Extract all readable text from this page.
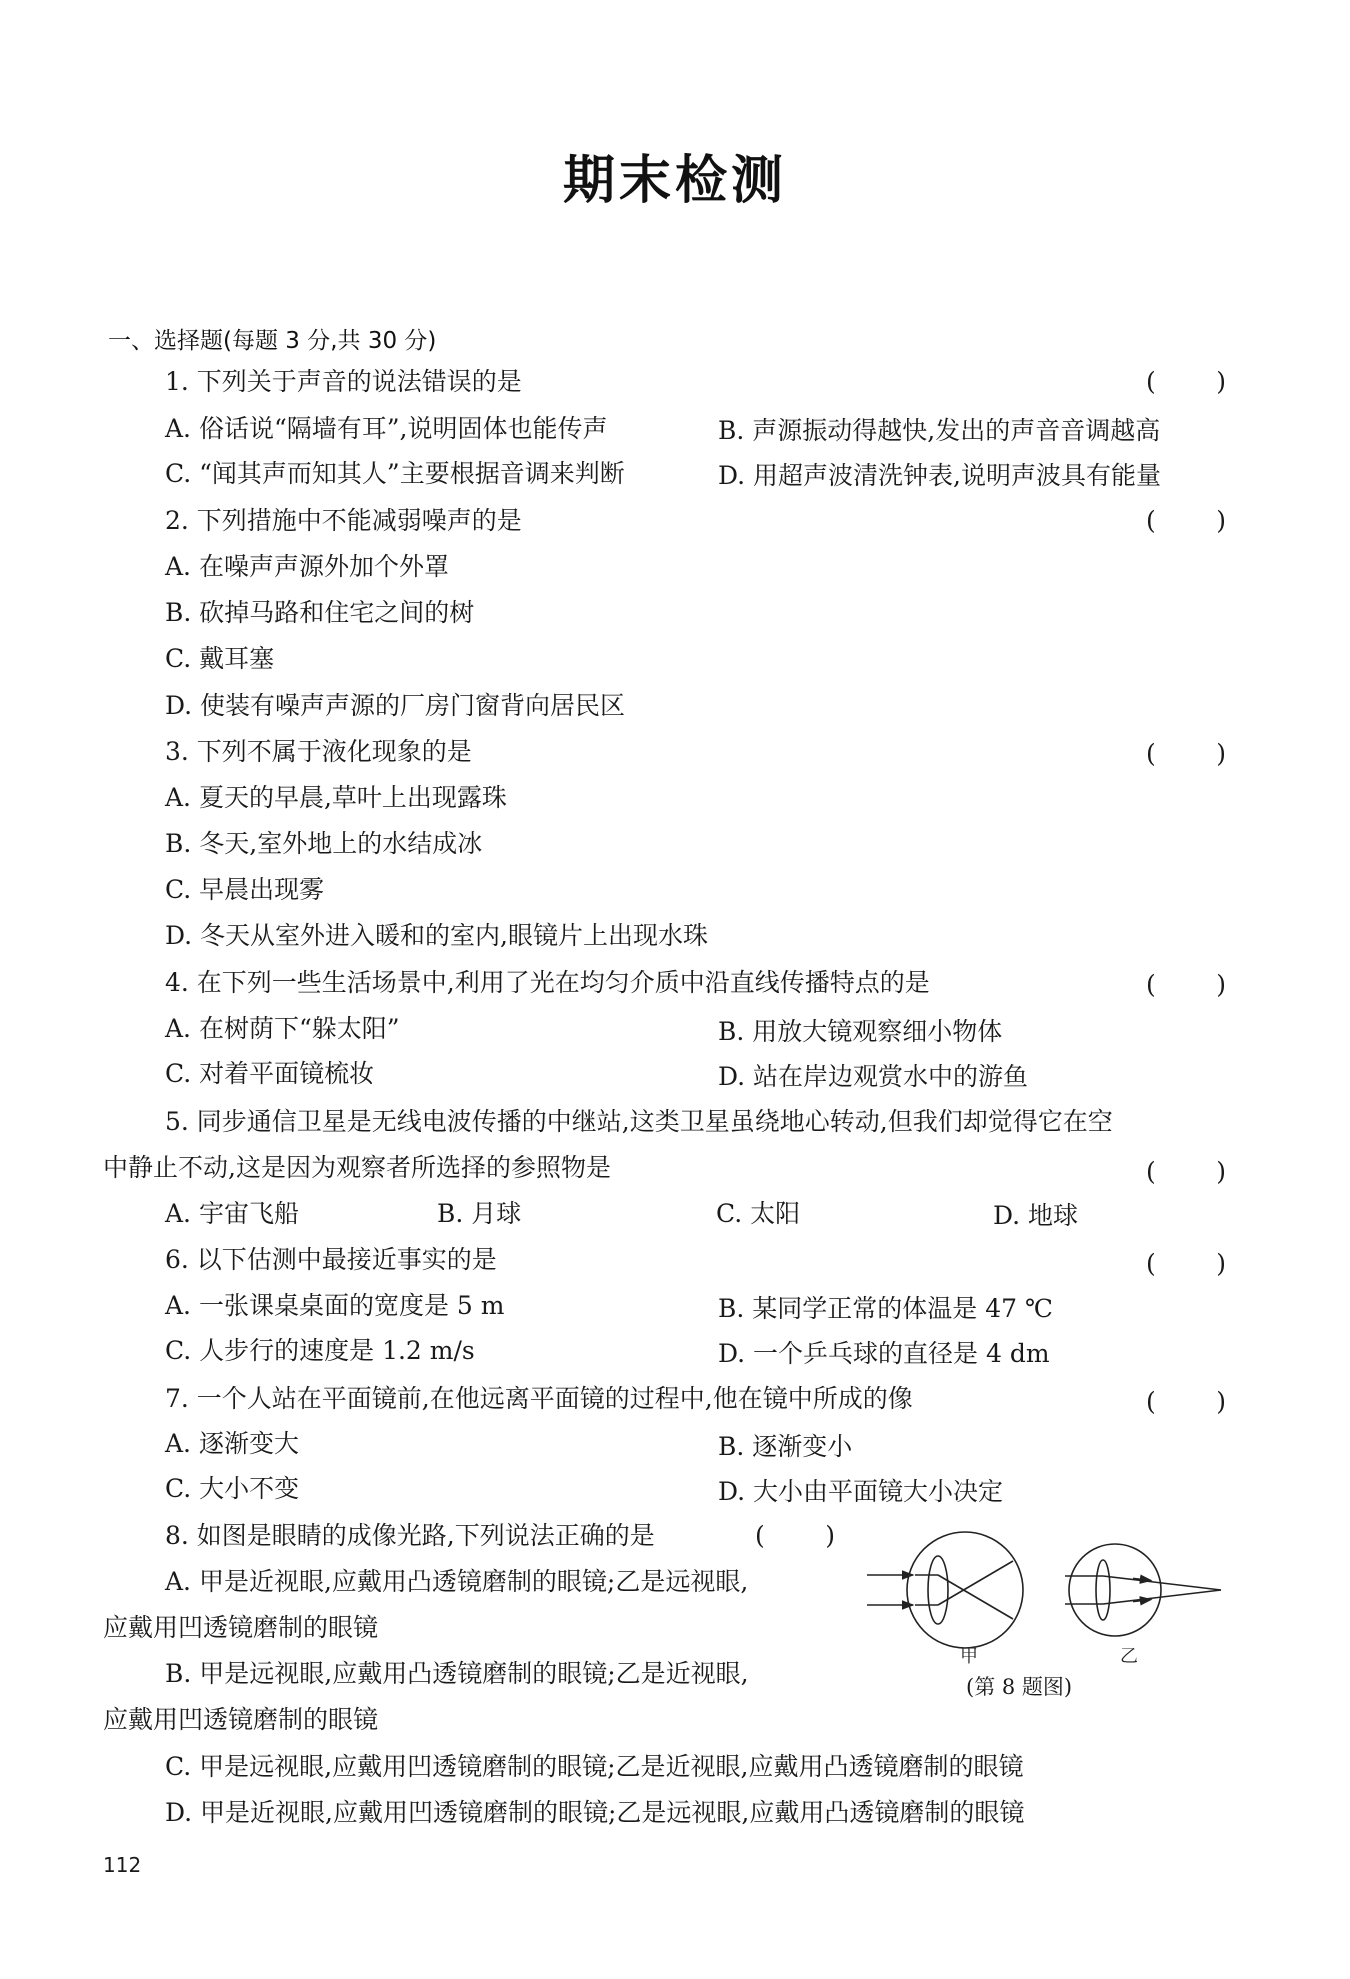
期末检测
一、选择题(每题 3 分,共 30 分)
1. 下列关于声音的说法错误的是	( )
A. 俗话说“隔墙有耳”,说明固体也能传声	B. 声源振动得越快,发出的声音音调越高
C. “闻其声而知其人”主要根据音调来判断	D. 用超声波清洗钟表,说明声波具有能量
2. 下列措施中不能减弱噪声的是	( )
A. 在噪声声源外加个外罩
B. 砍掉马路和住宅之间的树
C. 戴耳塞
D. 使装有噪声声源的厂房门窗背向居民区
3. 下列不属于液化现象的是	( )
A. 夏天的早晨,草叶上出现露珠
B. 冬天,室外地上的水结成冰
C. 早晨出现雾
D. 冬天从室外进入暖和的室内,眼镜片上出现水珠
4. 在下列一些生活场景中,利用了光在均匀介质中沿直线传播特点的是	( )
A. 在树荫下“躲太阳”	B. 用放大镜观察细小物体
C. 对着平面镜梳妆	D. 站在岸边观赏水中的游鱼
5. 同步通信卫星是无线电波传播的中继站,这类卫星虽绕地心转动,但我们却觉得它在空
中静止不动,这是因为观察者所选择的参照物是	( )
A. 宇宙飞船	B. 月球	C. 太阳	D. 地球
6. 以下估测中最接近事实的是	( )
A. 一张课桌桌面的宽度是 5 m	B. 某同学正常的体温是 47 ℃
C. 人步行的速度是 1.2 m/s	D. 一个乒乓球的直径是 4 dm
7. 一个人站在平面镜前,在他远离平面镜的过程中,他在镜中所成的像	( )
A. 逐渐变大	B. 逐渐变小
C. 大小不变	D. 大小由平面镜大小决定
8. 如图是眼睛的成像光路,下列说法正确的是	( )
A. 甲是近视眼,应戴用凸透镜磨制的眼镜;乙是远视眼,
应戴用凹透镜磨制的眼镜
B. 甲是远视眼,应戴用凸透镜磨制的眼镜;乙是近视眼,
应戴用凹透镜磨制的眼镜
C. 甲是远视眼,应戴用凹透镜磨制的眼镜;乙是近视眼,应戴用凸透镜磨制的眼镜
D. 甲是近视眼,应戴用凹透镜磨制的眼镜;乙是远视眼,应戴用凸透镜磨制的眼镜
甲	乙
(第 8 题图)
112
